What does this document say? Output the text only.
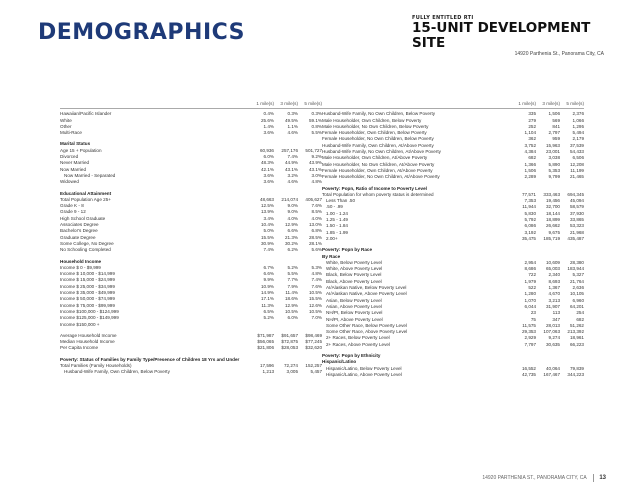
DEMOGRAPHICS
FULLY ENTITLED RTI
15-UNIT DEVELOPMENT SITE
14920 Parthenia St., Panorama City, CA
1 mile(s)	3 mile(s)	5 mile(s)
Hawaiian/Pacific Islander	0.4%	0.3%	0.3%
White	25.6%	49.5%	59.1%
Other	1.4%	1.1%	0.8%
Multi-Race	3.6%	4.6%	5.5%
Marital Status
Age 15 + Population	60,936	257,176	501,727
Divorced	6.0%	7.4%	9.2%
Never Married	48.3%	44.9%	43.9%
Now Married	42.1%	43.1%	43.1%
Now Married - Separated	3.6%	3.2%	3.0%
Widowed	3.6%	4.6%	4.8%
Educational Attainment
Total Population Age 25+	48,663	214,074	405,627
Grade K - 8	12.5%	9.0%	7.6%
Grade 9 - 12	13.9%	9.0%	8.5%
High School Graduate	3.4%	4.0%	4.0%
Associates Degree	10.4%	12.9%	13.0%
Bachelor's Degree	5.0%	6.6%	6.8%
Graduate Degree	15.5%	21.3%	28.5%
Some College, No Degree	30.9%	30.2%	28.1%
No Schooling Completed	7.4%	6.2%	5.6%
Household Income
Income $ 0 - $9,999	6.7%	5.2%	5.3%
Income $ 10,000 - $14,999	6.6%	5.5%	4.8%
Income $ 15,000 - $24,999	9.9%	7.7%	7.4%
Income $ 25,000 - $34,999	10.9%	7.9%	7.6%
Income $ 35,000 - $49,999	14.9%	11.4%	10.5%
Income $ 50,000 - $74,999	17.1%	18.6%	15.5%
Income $ 75,000 - $99,999	11.3%	12.9%	12.6%
Income $100,000 - $124,999	6.5%	10.5%	10.5%
Income $125,000 - $149,999	5.2%	6.0%	7.0%
Income $150,000 +
Average Household Income	$71,987	$91,657	$98,469
Median Household Income	$56,065	$72,875	$77,245
Per Capita Income	$21,806	$28,053	$32,620
Poverty: Status of Families by Family Type/Presence of Children 18 Yrs and Under
Total Families (Family Households)	17,596	72,274	152,257
Husband-Wife Family, Own Children, Below Poverty	1,213	3,005	5,457
1 mile(s)	3 mile(s)	5 mile(s)
Husband-Wife Family, No Own Children, Below Poverty	335	1,506	2,376
Male Householder, Own Children, Below Poverty	279	569	1,066
Male Householder, No Own Children, Below Poverty	252	841	1,295
Female Householder, Own Children, Below Poverty	1,104	2,797	5,494
Female Householder, No Own Children, Below Poverty	362	959	2,179
Husband-Wife Family, Own Children, At/Above Poverty	3,752	15,963	37,539
Husband-Wife Family, No Own Children, At/Above Poverty	4,384	23,001	54,433
Male Householder, Own Children, At/Above Poverty	682	3,038	6,506
Male Householder, No Own Children, At/Above Poverty	1,366	5,890	12,208
Female Householder, Own Children, At/Above Poverty	1,506	5,353	11,199
Female Householder, No Own Children, At/Above Poverty	2,289	9,799	21,465
Poverty: Popn, Ratio of Income to Poverty Level
Total Population for whom poverty status is determined	77,571	333,463	694,345
Less Than .50	7,353	19,456	45,094
.50 - .99	11,944	32,700	58,579
1.00 - 1.24	5,830	18,144	37,930
1.25 - 1.49	5,792	18,899	33,865
1.50 - 1.84	6,086	26,662	53,323
1.85 - 1.99	3,192	9,675	21,968
2.00+	35,475	185,719	435,487
Poverty: Popn by Race
By Race
White, Below Poverty Level	2,954	10,609	28,380
White, Above Poverty Level	8,686	65,003	183,944
Black, Below Poverty Level	722	2,340	5,327
Black, Above Poverty Level	1,979	8,693	21,764
AI/Alaskan Native, Below Poverty Level	522	1,367	2,636
AI/Alaskan Native, Above Poverty Level	1,280	4,670	10,105
Asian, Below Poverty Level	1,070	3,213	6,960
Asian, Above Poverty Level	6,044	31,907	64,201
NH/PI, Below Poverty Level	23	113	254
NH/PI, Above Poverty Level	75	347	682
Some Other Race, Below Poverty Level	11,575	28,013	51,262
Some Other Race, Above Poverty Level	29,353	107,063	213,392
2+ Races, Below Poverty Level	2,929	9,274	18,961
2+ Races, Above Poverty Level	7,797	30,635	66,223
Poverty: Popn by Ethnicity
Hispanic/Latino
Hispanic/Latino, Below Poverty Level	16,552	40,064	79,839
Hispanic/Latino, Above Poverty Level	42,735	167,467	344,223
14920 PARTHENIA ST., PANORAMA CITY, CA 13
